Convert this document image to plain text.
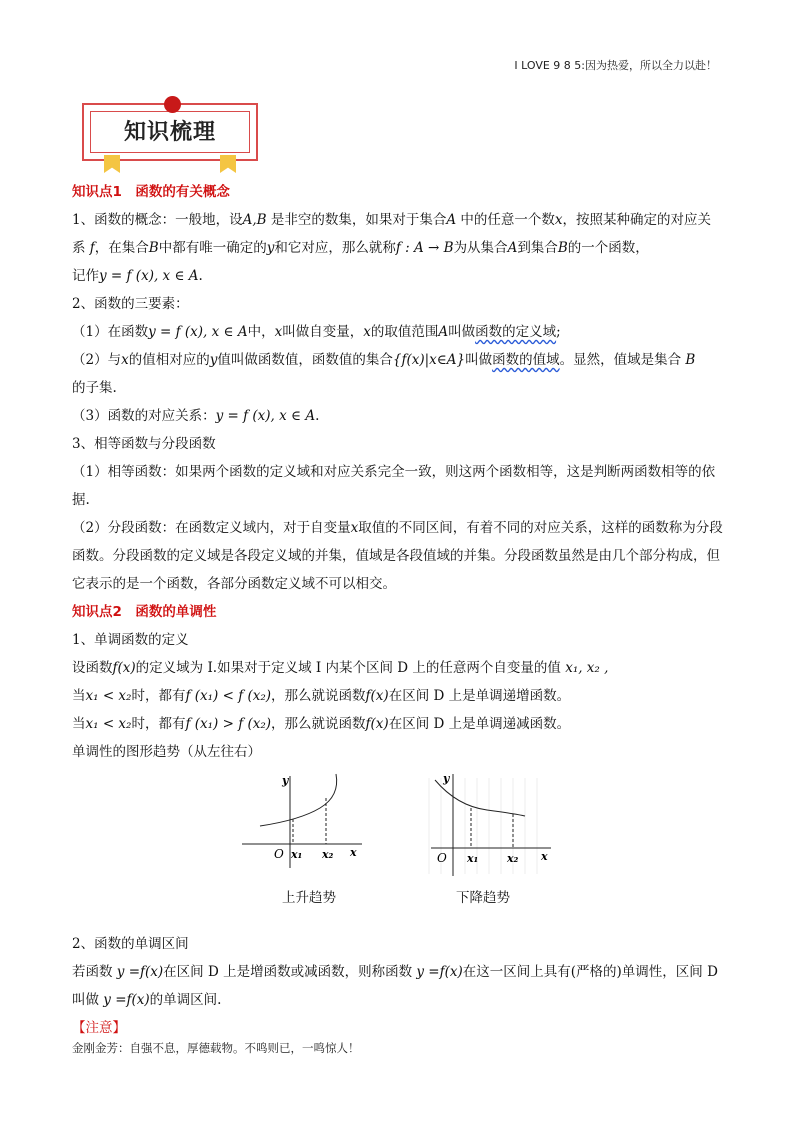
I LOVE 9 8 5:因为热爱，所以全力以赴！
知识梳理

知识点1　函数的有关概念

1、函数的概念：一般地，设A,B 是非空的数集，如果对于集合A 中的任意一个数x，按照某种确定的对应关系 f，在集合B中都有唯一确定的y和它对应，那么就称f : A → B为从集合A到集合B的一个函数，
记作y = f (x), x ∈ A.

2、函数的三要素：

（1）在函数y = f (x), x ∈ A中，x叫做自变量，x的取值范围A叫做函数的定义域;

（2）与x的值相对应的y值叫做函数值，函数值的集合{f(x)|x∈A}叫做函数的值域。显然，值域是集合 B
的子集.

（3）函数的对应关系：y = f (x), x ∈ A.

3、相等函数与分段函数

（1）相等函数：如果两个函数的定义域和对应关系完全一致，则这两个函数相等，这是判断两函数相等的依据.

（2）分段函数：在函数定义域内，对于自变量x取值的不同区间，有着不同的对应关系，这样的函数称为分段函数。分段函数的定义域是各段定义域的并集，值域是各段值域的并集。分段函数虽然是由几个部分构成，但它表示的是一个函数，各部分函数定义域不可以相交。

知识点2　函数的单调性

1、单调函数的定义

设函数f(x)的定义域为 I.如果对于定义域 I 内某个区间 D 上的任意两个自变量的值 x₁, x₂ ,

当x₁ < x₂时，都有f (x₁) < f (x₂)，那么就说函数f(x)在区间 D 上是单调递增函数。

当x₁ < x₂时，都有f (x₁) > f (x₂)，那么就说函数f(x)在区间 D 上是单调递减函数。

单调性的图形趋势（从左往右）

y
O x₁ x₂ x
y
O x₁	x₂ x
上升趋势	下降趋势

2、函数的单调区间

若函数 y =f(x)在区间 D 上是增函数或减函数，则称函数 y =f(x)在这一区间上具有(严格的)单调性，区间 D 叫做 y =f(x)的单调区间.

【注意】

金刚金芳：自强不息，厚德载物。不鸣则已，一鸣惊人！
